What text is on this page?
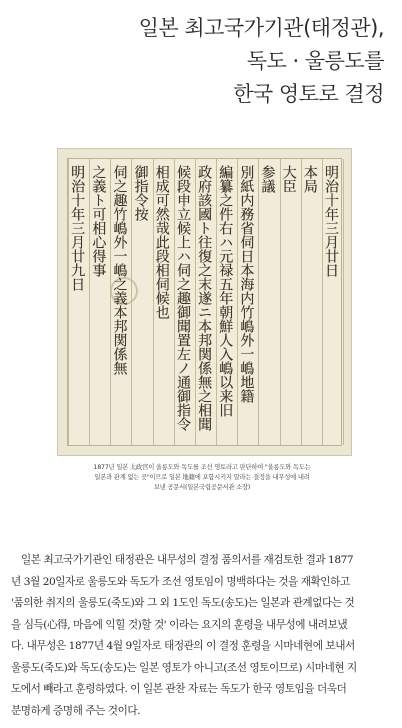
일본 최고국가기관(태정관),
독도 · 울릉도를
한국 영토로 결정
明治十年三月廿日
本局
大臣
参議
別紙内務省伺日本海内竹嶋外一嶋地籍
編纂之件右ハ元禄五年朝鮮人入嶋以来旧
政府該國ト往復之末遂ニ本邦関係無之相聞
候段申立候上ハ伺之趣御聞置左ノ通御指令
相成可然哉此段相伺候也
御指令按
伺之趣竹嶋外一嶋之義本邦関係無
之義ト可相心得事
明治十年三月廿九日
1877년 일본 太政官이 울릉도와 독도를 조선 영토라고 판단하여 "울릉도와 독도는
일본과 관계 없는 곳"이므로 일본 地籍에 포함시키지 말라는 결정을 내무성에 내려
보낸 공문서(일본국립공문서관 소장)
일본 최고국가기관인 태정관은 내무성의 결정 품의서를 재검토한 결과 1877
년 3월 20일자로 울릉도와 독도가 조선 영토임이 명백하다는 것을 재확인하고
'품의한 취지의 울릉도(죽도)와 그 외 1도인 독도(송도)는 일본과 관계없다는 것
을 심득(心得, 마음에 익힐 것)할 것' 이라는 요지의 훈령을 내무성에 내려보냈
다. 내무성은 1877년 4월 9일자로 태정관의 이 결정 훈령을 시마네현에 보내서
울릉도(죽도)와 독도(송도)는 일본 영토가 아니고(조선 영토이므로) 시마네현 지
도에서 빼라고 훈령하였다. 이 일본 관찬 자료는 독도가 한국 영토임을 더욱더
분명하게 증명해 주는 것이다.
